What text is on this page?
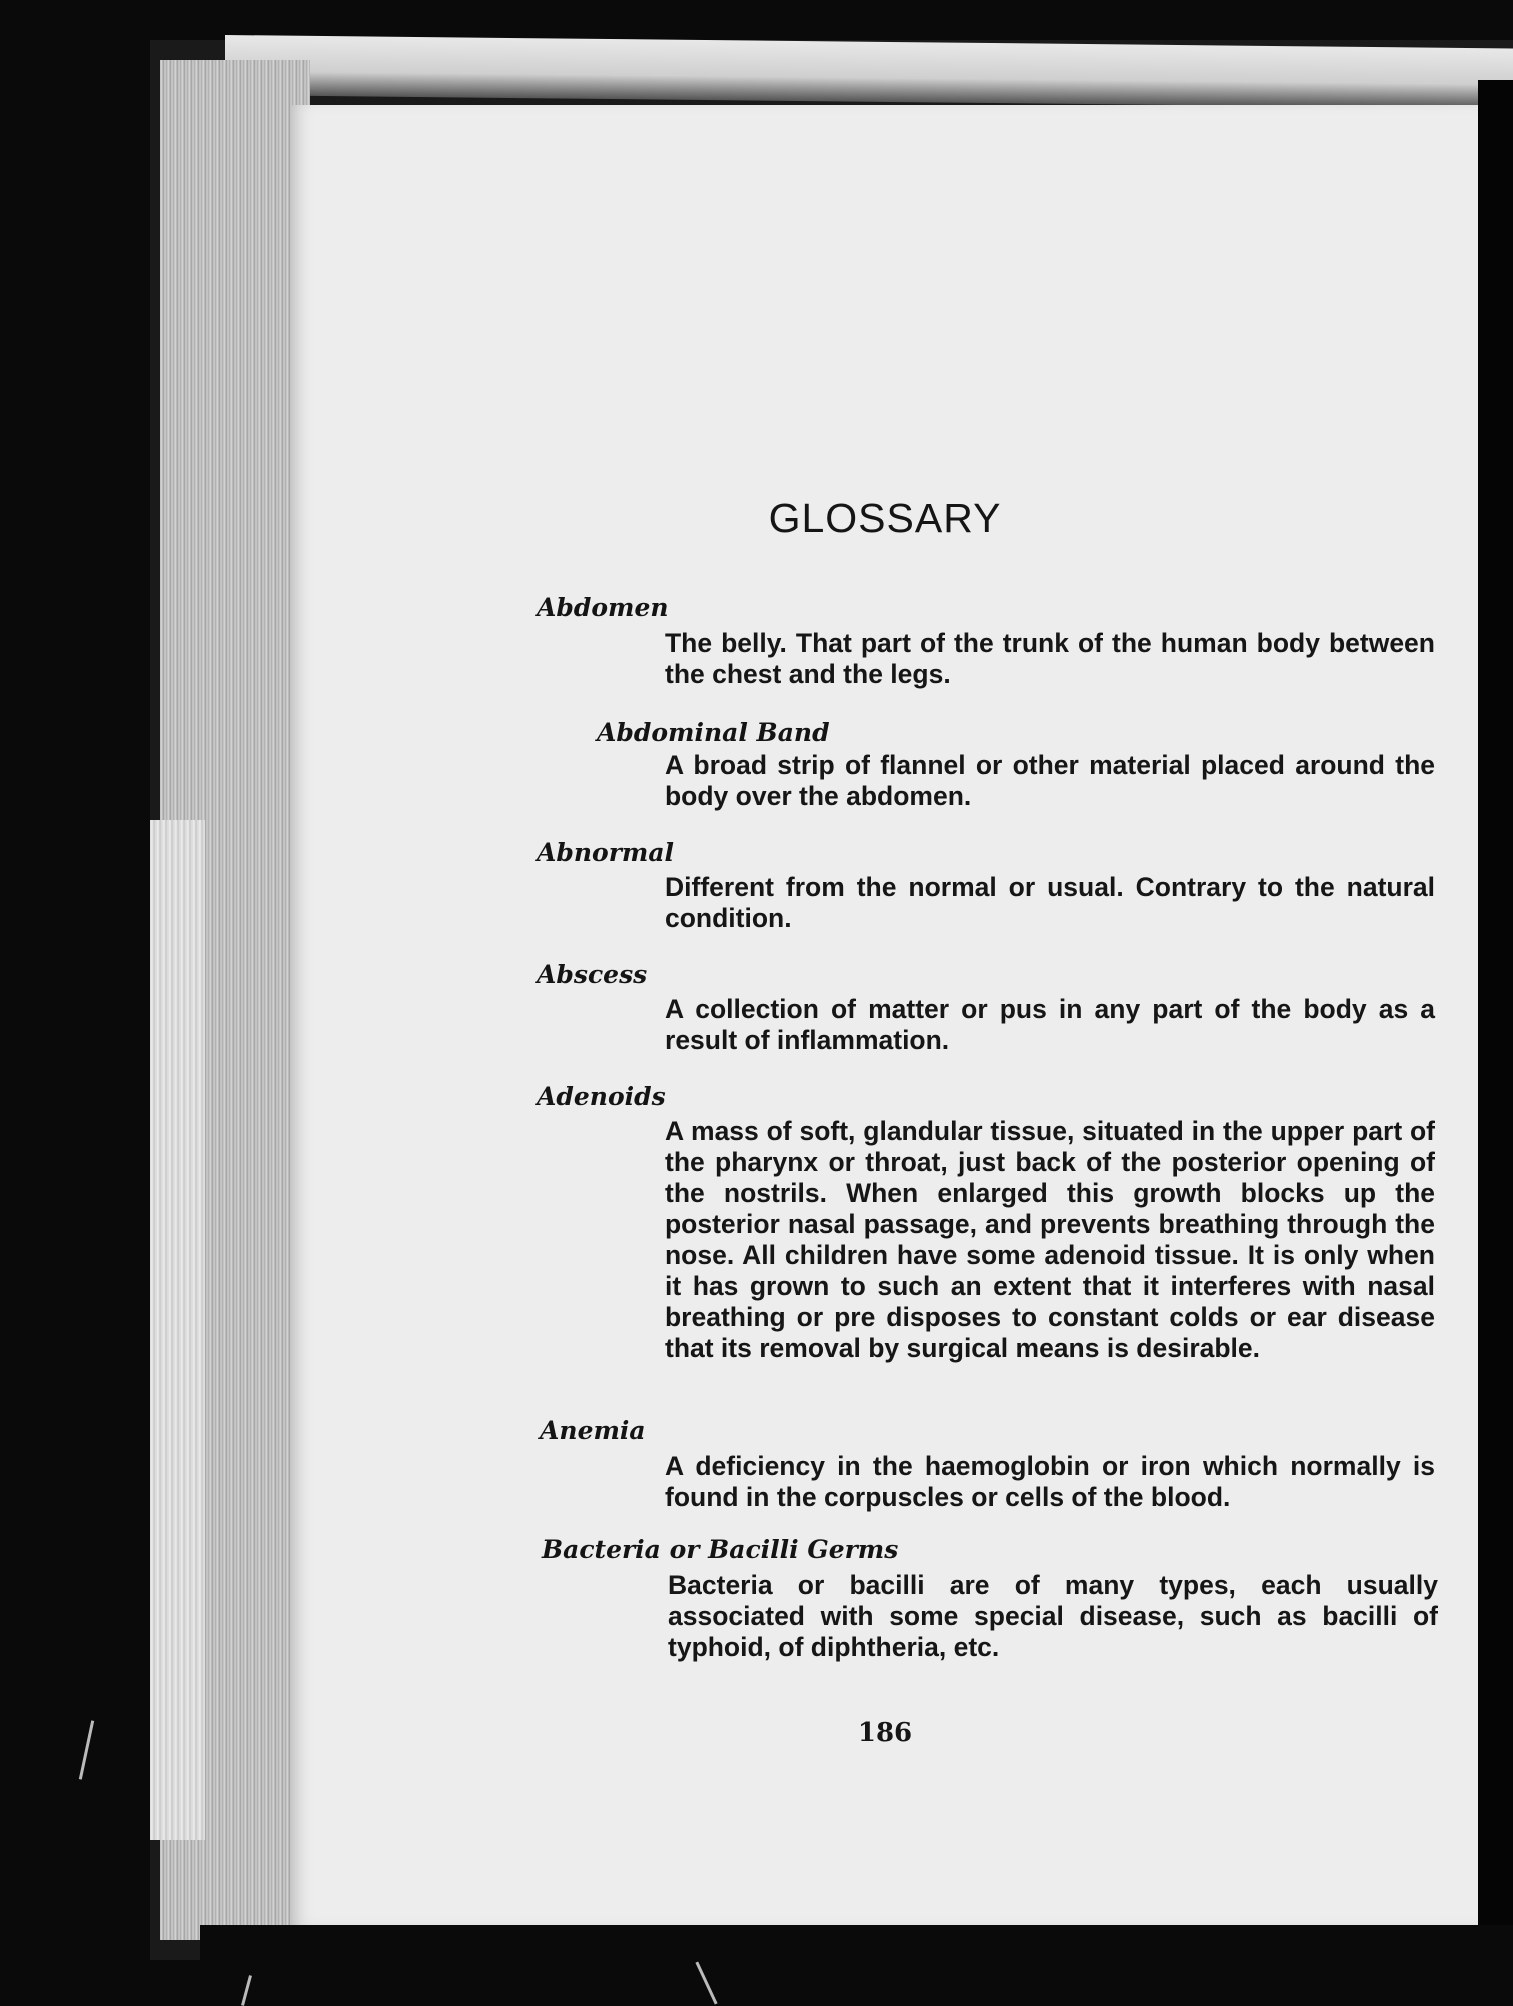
GLOSSARY
Abdomen
The belly. That part of the trunk of the human body between the chest and the legs.
Abdominal Band
A broad strip of flannel or other material placed around the body over the abdomen.
Abnormal
Different from the normal or usual. Contrary to the natural condition.
Abscess
A collection of matter or pus in any part of the body as a result of inflammation.
Adenoids
A mass of soft, glandular tissue, situated in the upper part of the pharynx or throat, just back of the posterior opening of the nostrils. When enlarged this growth blocks up the posterior nasal passage, and prevents breathing through the nose. All children have some adenoid tissue. It is only when it has grown to such an extent that it interferes with nasal breathing or pre disposes to constant colds or ear disease that its removal by surgical means is desirable.
Anemia
A deficiency in the haemoglobin or iron which normally is found in the corpuscles or cells of the blood.
Bacteria or Bacilli Germs
Bacteria or bacilli are of many types, each usually associated with some special disease, such as bacilli of typhoid, of diphtheria, etc.
186
